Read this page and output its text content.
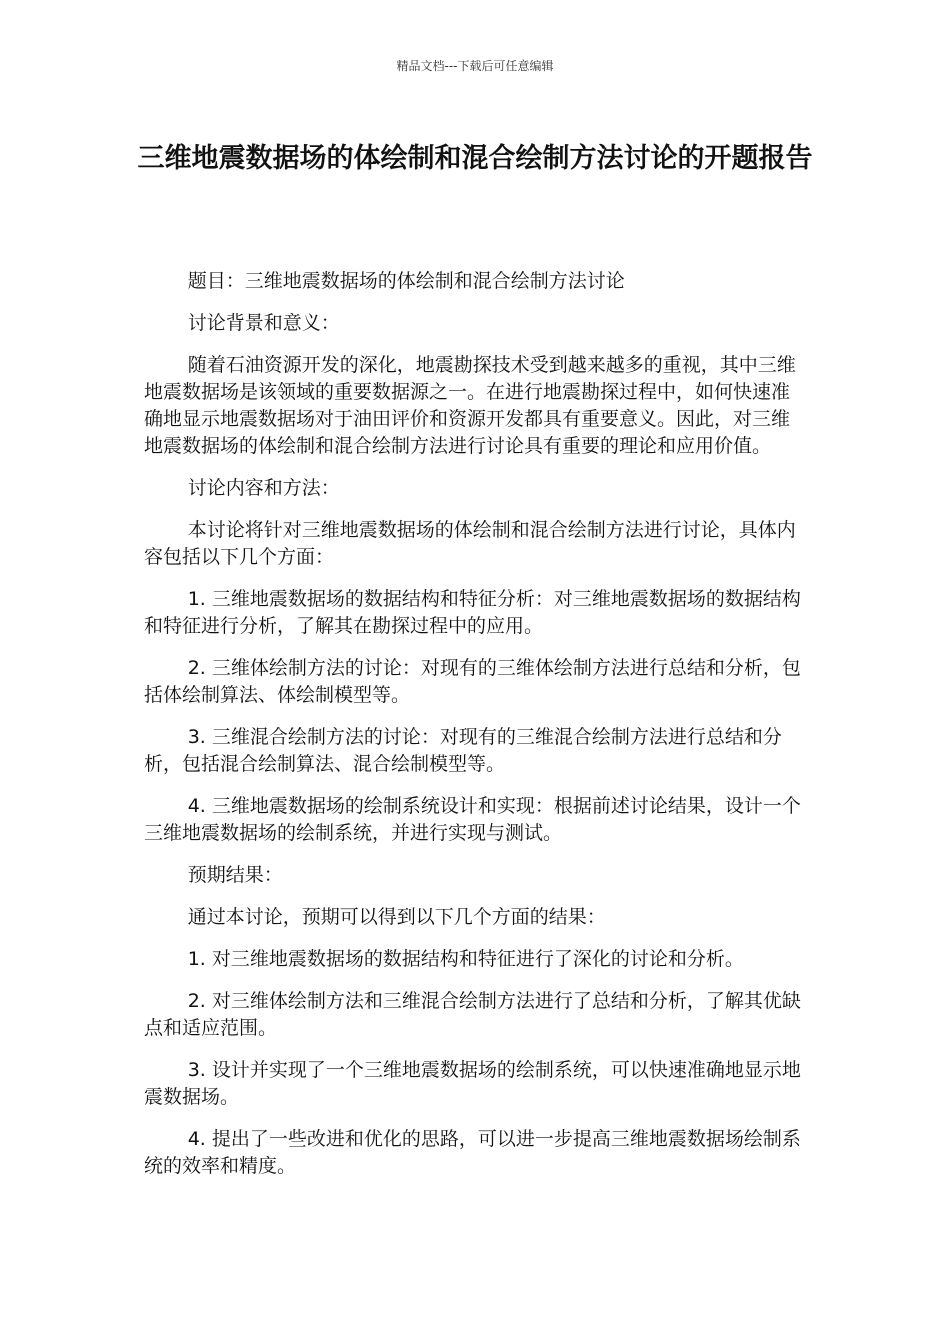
精品文档---下载后可任意编辑
三维地震数据场的体绘制和混合绘制方法讨论的开题报告

题目：三维地震数据场的体绘制和混合绘制方法讨论

讨论背景和意义：

随着石油资源开发的深化，地震勘探技术受到越来越多的重视，其中三维地震数据场是该领域的重要数据源之一。在进行地震勘探过程中，如何快速准确地显示地震数据场对于油田评价和资源开发都具有重要意义。因此，对三维地震数据场的体绘制和混合绘制方法进行讨论具有重要的理论和应用价值。

讨论内容和方法：

本讨论将针对三维地震数据场的体绘制和混合绘制方法进行讨论，具体内容包括以下几个方面：

1. 三维地震数据场的数据结构和特征分析：对三维地震数据场的数据结构和特征进行分析，了解其在勘探过程中的应用。

2. 三维体绘制方法的讨论：对现有的三维体绘制方法进行总结和分析，包括体绘制算法、体绘制模型等。

3. 三维混合绘制方法的讨论：对现有的三维混合绘制方法进行总结和分析，包括混合绘制算法、混合绘制模型等。

4. 三维地震数据场的绘制系统设计和实现：根据前述讨论结果，设计一个三维地震数据场的绘制系统，并进行实现与测试。

预期结果：

通过本讨论，预期可以得到以下几个方面的结果：

1. 对三维地震数据场的数据结构和特征进行了深化的讨论和分析。

2. 对三维体绘制方法和三维混合绘制方法进行了总结和分析，了解其优缺点和适应范围。

3. 设计并实现了一个三维地震数据场的绘制系统，可以快速准确地显示地震数据场。

4. 提出了一些改进和优化的思路，可以进一步提高三维地震数据场绘制系统的效率和精度。
